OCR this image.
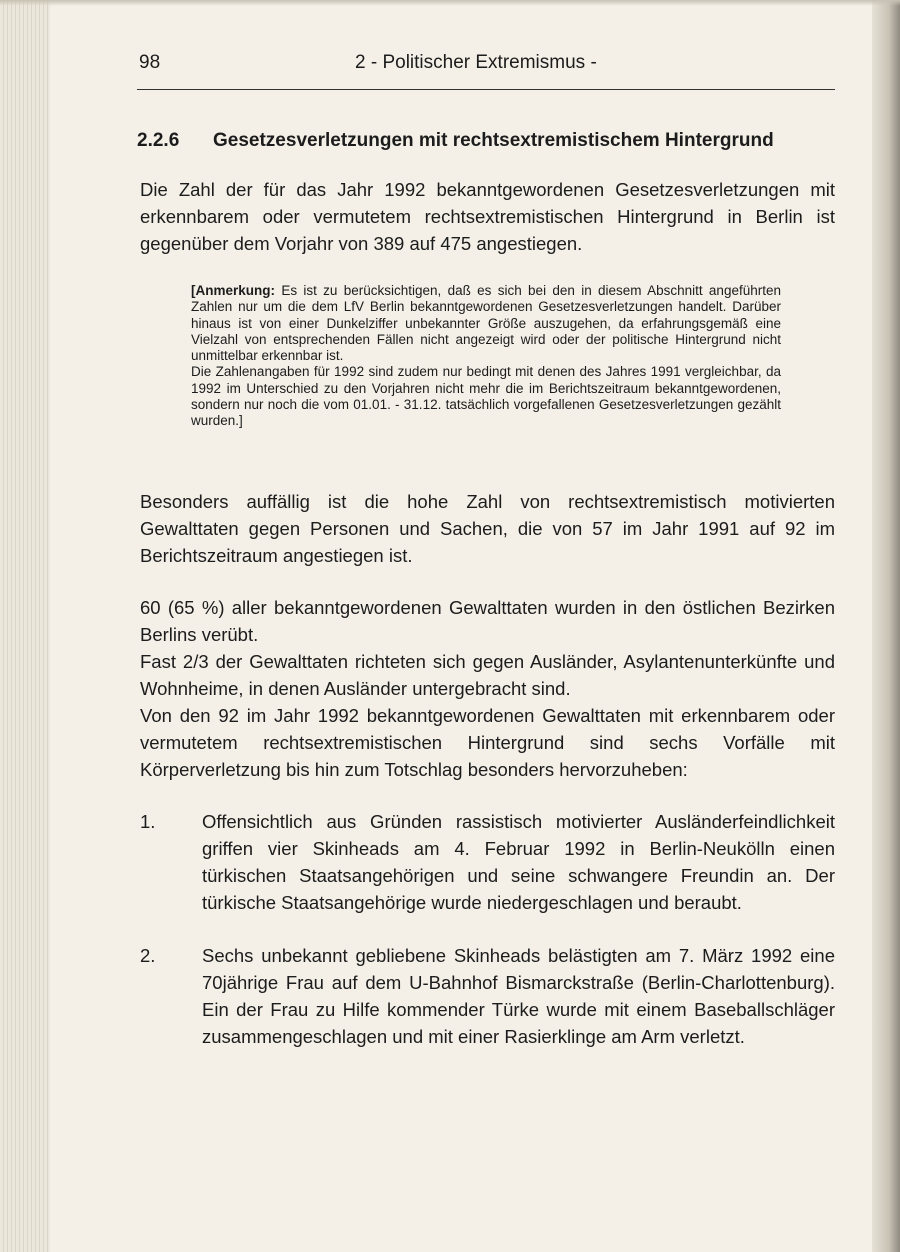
98	2 - Politischer Extremismus -
2.2.6 Gesetzesverletzungen mit rechtsextremistischem Hintergrund

Die Zahl der für das Jahr 1992 bekanntgewordenen Gesetzesverletzungen mit erkennbarem oder vermutetem rechtsextremistischen Hintergrund in Berlin ist gegenüber dem Vorjahr von 389 auf 475 angestiegen.

[Anmerkung: Es ist zu berücksichtigen, daß es sich bei den in diesem Abschnitt angeführten Zahlen nur um die dem LfV Berlin bekanntgewordenen Gesetzesverletzungen handelt. Darüber hinaus ist von einer Dunkelziffer unbekannter Größe auszugehen, da erfahrungsgemäß eine Vielzahl von entsprechenden Fällen nicht angezeigt wird oder der politische Hintergrund nicht unmittelbar erkennbar ist.
Die Zahlenangaben für 1992 sind zudem nur bedingt mit denen des Jahres 1991 vergleichbar, da 1992 im Unterschied zu den Vorjahren nicht mehr die im Berichtszeitraum bekanntgewordenen, sondern nur noch die vom 01.01. - 31.12. tatsächlich vorgefallenen Gesetzesverletzungen gezählt wurden.]

Besonders auffällig ist die hohe Zahl von rechtsextremistisch motivierten Gewalttaten gegen Personen und Sachen, die von 57 im Jahr 1991 auf 92 im Berichtszeitraum angestiegen ist.

60 (65 %) aller bekanntgewordenen Gewalttaten wurden in den östlichen Bezirken Berlins verübt.

Fast 2/3 der Gewalttaten richteten sich gegen Ausländer, Asylantenunterkünfte und Wohnheime, in denen Ausländer untergebracht sind.

Von den 92 im Jahr 1992 bekanntgewordenen Gewalttaten mit erkennbarem oder vermutetem rechtsextremistischen Hintergrund sind sechs Vorfälle mit Körperverletzung bis hin zum Totschlag besonders hervorzuheben:

1.	Offensichtlich aus Gründen rassistisch motivierter Ausländerfeindlichkeit griffen vier Skinheads am 4. Februar 1992 in Berlin-Neukölln einen türkischen Staatsangehörigen und seine schwangere Freundin an. Der türkische Staatsangehörige wurde niedergeschlagen und beraubt.

2.	Sechs unbekannt gebliebene Skinheads belästigten am 7. März 1992 eine 70jährige Frau auf dem U-Bahnhof Bismarckstraße (Berlin-Charlottenburg). Ein der Frau zu Hilfe kommender Türke wurde mit einem Baseballschläger zusammengeschlagen und mit einer Rasierklinge am Arm verletzt.
